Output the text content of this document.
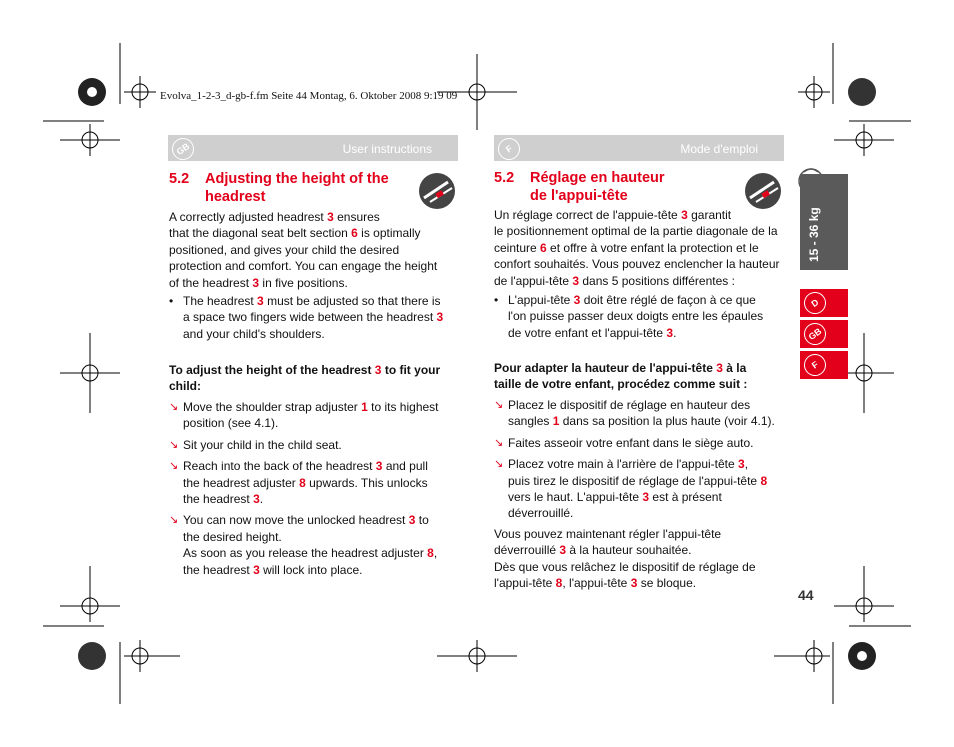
Evolva_1-2-3_d-gb-f.fm Seite 44 Montag, 6. Oktober 2008 9:19 09
GB	User instructions
5.2 Adjusting the height of the
headrest
A correctly adjusted headrest 3 ensures
that the diagonal seat belt section 6 is optimally
positioned, and gives your child the desired
protection and comfort. You can engage the height
of the headrest 3 in five positions.
• The headrest 3 must be adjusted so that there is
a space two fingers wide between the headrest 3
and your child's shoulders.
To adjust the height of the headrest 3 to fit your
child:
↘ Move the shoulder strap adjuster 1 to its highest
position (see 4.1).
↘ Sit your child in the child seat.
↘ Reach into the back of the headrest 3 and pull
the headrest adjuster 8 upwards. This unlocks
the headrest 3.
↘ You can now move the unlocked headrest 3 to
the desired height.
As soon as you release the headrest adjuster 8,
the headrest 3 will lock into place.
F	Mode d'emploi
5.2 Réglage en hauteur
de l'appui-tête
Un réglage correct de l'appuie-tête 3 garantit
le positionnement optimal de la partie diagonale de la
ceinture 6 et offre à votre enfant la protection et le
confort souhaités. Vous pouvez enclencher la hauteur
de l'appui-tête 3 dans 5 positions différentes :
• L'appui-tête 3 doit être réglé de façon à ce que
l'on puisse passer deux doigts entre les épaules
de votre enfant et l'appui-tête 3.
Pour adapter la hauteur de l'appui-tête 3 à la
taille de votre enfant, procédez comme suit :
↘ Placez le dispositif de réglage en hauteur des
sangles 1 dans sa position la plus haute (voir 4.1).
↘ Faites asseoir votre enfant dans le siège auto.
↘ Placez votre main à l'arrière de l'appui-tête 3,
puis tirez le dispositif de réglage de l'appui-tête 8
vers le haut. L'appui-tête 3 est à présent
déverrouillé.
Vous pouvez maintenant régler l'appui-tête
déverrouillé 3 à la hauteur souhaitée.
Dès que vous relâchez le dispositif de réglage de
l'appui-tête 8, l'appui-tête 3 se bloque.
15 - 36 kg
D
GB
F
44
